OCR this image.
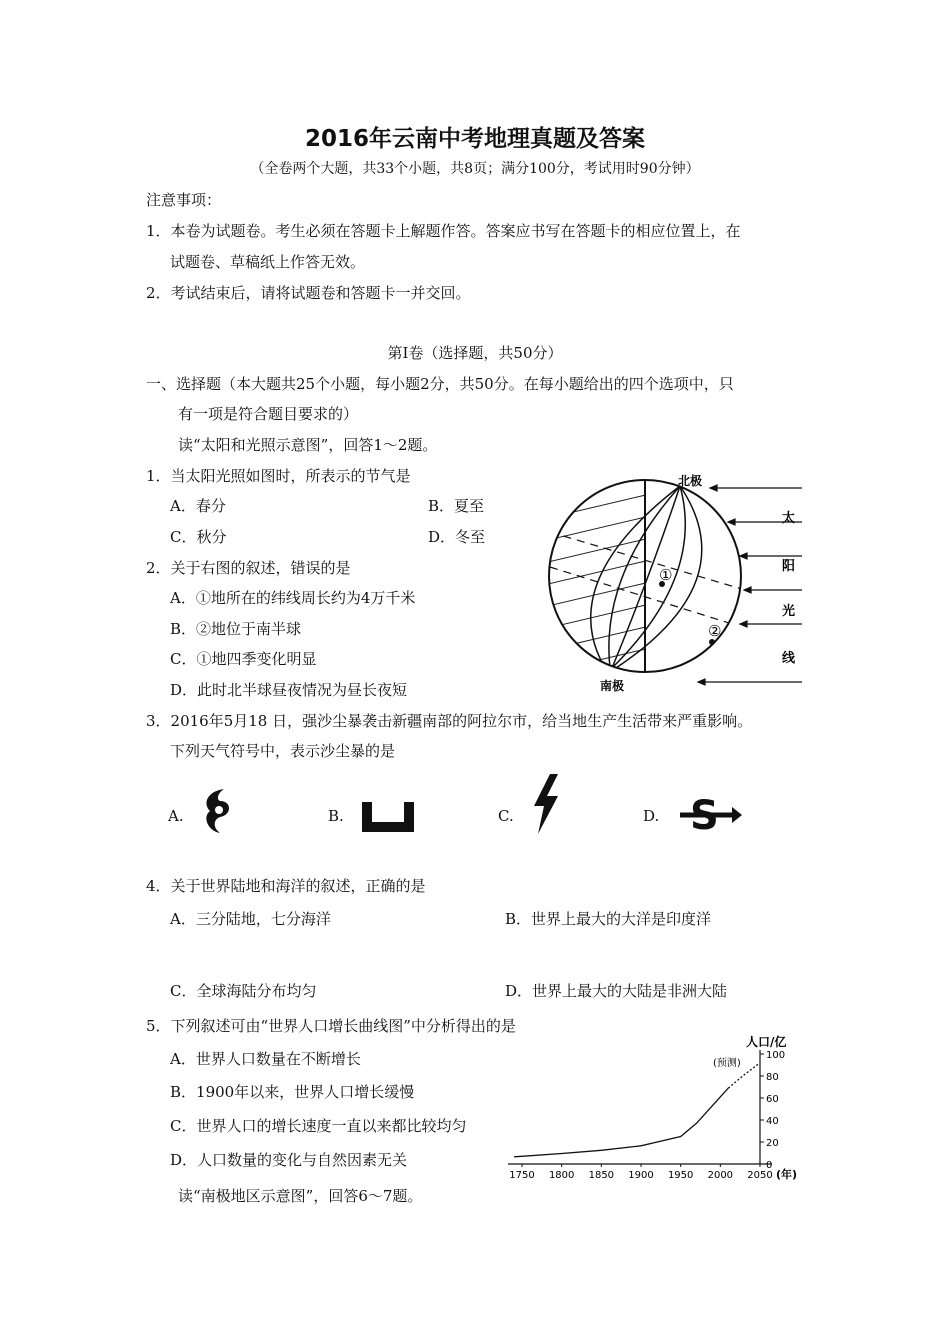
2016年云南中考地理真题及答案
（全卷两个大题，共33个小题，共8页；满分100分，考试用时90分钟）
注意事项：
1．本卷为试题卷。考生必须在答题卡上解题作答。答案应书写在答题卡的相应位置上，在
试题卷、草稿纸上作答无效。
2．考试结束后，请将试题卷和答题卡一并交回。
第Ⅰ卷（选择题，共50分）
一、选择题（本大题共25个小题，每小题2分，共50分。在每小题给出的四个选项中，只
有一项是符合题目要求的）
读“太阳和光照示意图”，回答1～2题。
1．当太阳光照如图时，所表示的节气是
A．春分	B．夏至
C．秋分	D．冬至
2．关于右图的叙述，错误的是
A．①地所在的纬线周长约为4万千米
B．②地位于南半球
C．①地四季变化明显
D．此时北半球昼夜情况为昼长夜短
北极
南极
太
阳
光
线
①
②
3．2016年5月18 日，强沙尘暴袭击新疆南部的阿拉尔市，给当地生产生活带来严重影响。
下列天气符号中，表示沙尘暴的是
A.	B.	C.	D. S
4．关于世界陆地和海洋的叙述，正确的是
A．三分陆地，七分海洋	B．世界上最大的大洋是印度洋
C．全球海陆分布均匀	D．世界上最大的大陆是非洲大陆
5．下列叙述可由“世界人口增长曲线图”中分析得出的是
A．世界人口数量在不断增长
B．1900年以来，世界人口增长缓慢
C．世界人口的增长速度一直以来都比较均匀
D．人口数量的变化与自然因素无关
读“南极地区示意图”，回答6～7题。
人口/亿
(预测)
(年)
1750 1800 1850 1900 1950 2000 2050
0
20
40
60
80
100
